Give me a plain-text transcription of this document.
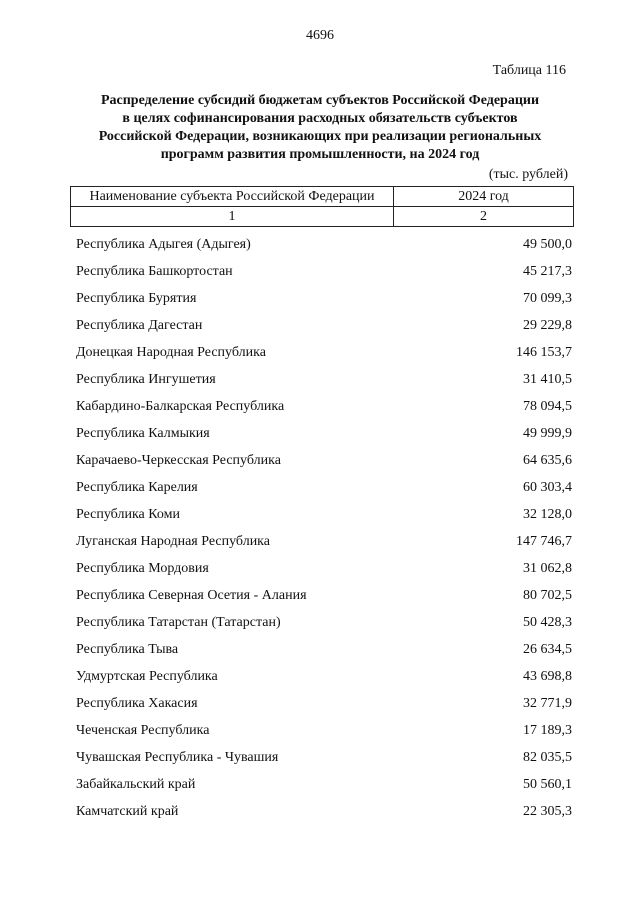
4696
Таблица 116
Распределение субсидий бюджетам субъектов Российской Федерации
в целях софинансирования расходных обязательств субъектов
Российской Федерации, возникающих при реализации региональных
программ развития промышленности, на 2024 год
(тыс. рублей)
Наименование субъекта Российской Федерации	2024 год
1	2
Республика Адыгея (Адыгея)	49 500,0
Республика Башкортостан	45 217,3
Республика Бурятия	70 099,3
Республика Дагестан	29 229,8
Донецкая Народная Республика	146 153,7
Республика Ингушетия	31 410,5
Кабардино-Балкарская Республика	78 094,5
Республика Калмыкия	49 999,9
Карачаево-Черкесская Республика	64 635,6
Республика Карелия	60 303,4
Республика Коми	32 128,0
Луганская Народная Республика	147 746,7
Республика Мордовия	31 062,8
Республика Северная Осетия - Алания	80 702,5
Республика Татарстан (Татарстан)	50 428,3
Республика Тыва	26 634,5
Удмуртская Республика	43 698,8
Республика Хакасия	32 771,9
Чеченская Республика	17 189,3
Чувашская Республика - Чувашия	82 035,5
Забайкальский край	50 560,1
Камчатский край	22 305,3
